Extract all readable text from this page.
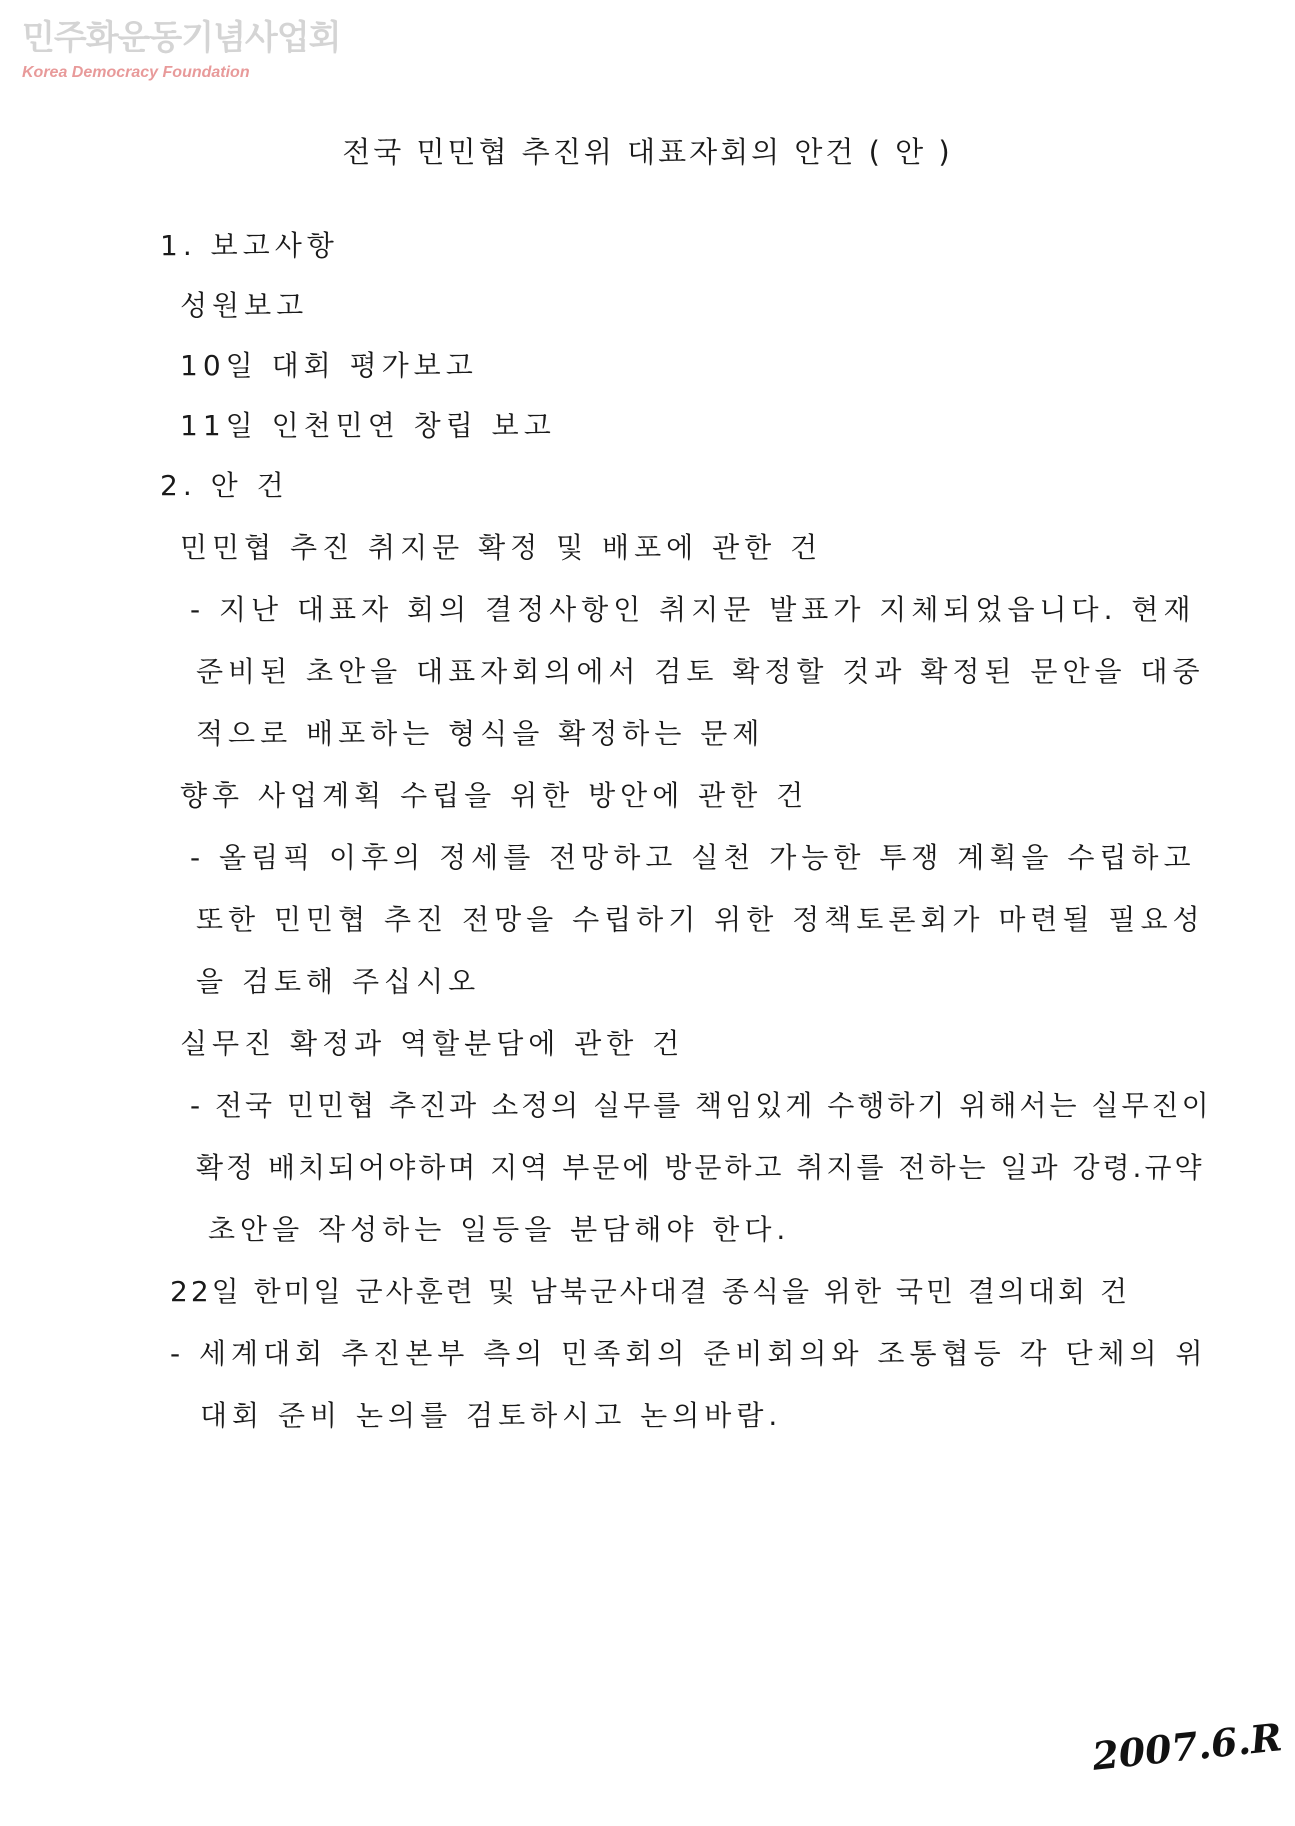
민주화운동기념사업회
Korea Democracy Foundation
전국 민민협 추진위 대표자회의 안건 ( 안 )
1. 보고사항
성원보고
10일 대회 평가보고
11일 인천민연 창립 보고
2. 안 건
민민협 추진 취지문 확정 및 배포에 관한 건
- 지난 대표자 회의 결정사항인 취지문 발표가 지체되었읍니다. 현재
준비된 초안을 대표자회의에서 검토 확정할 것과 확정된 문안을 대중
적으로 배포하는 형식을 확정하는 문제
향후 사업계획 수립을 위한 방안에 관한 건
- 올림픽 이후의 정세를 전망하고 실천 가능한 투쟁 계획을 수립하고
또한 민민협 추진 전망을 수립하기 위한 정책토론회가 마련될 필요성
을 검토해 주십시오
실무진 확정과 역할분담에 관한 건
- 전국 민민협 추진과 소정의 실무를 책임있게 수행하기 위해서는 실무진이
확정 배치되어야하며 지역 부문에 방문하고 취지를 전하는 일과 강령.규약
초안을 작성하는 일등을 분담해야 한다.
22일 한미일 군사훈련 및 남북군사대결 종식을 위한 국민 결의대회 건
- 세계대회 추진본부 측의 민족회의 준비회의와 조통협등 각 단체의 위
대회 준비 논의를 검토하시고 논의바람.
2007.6.R
